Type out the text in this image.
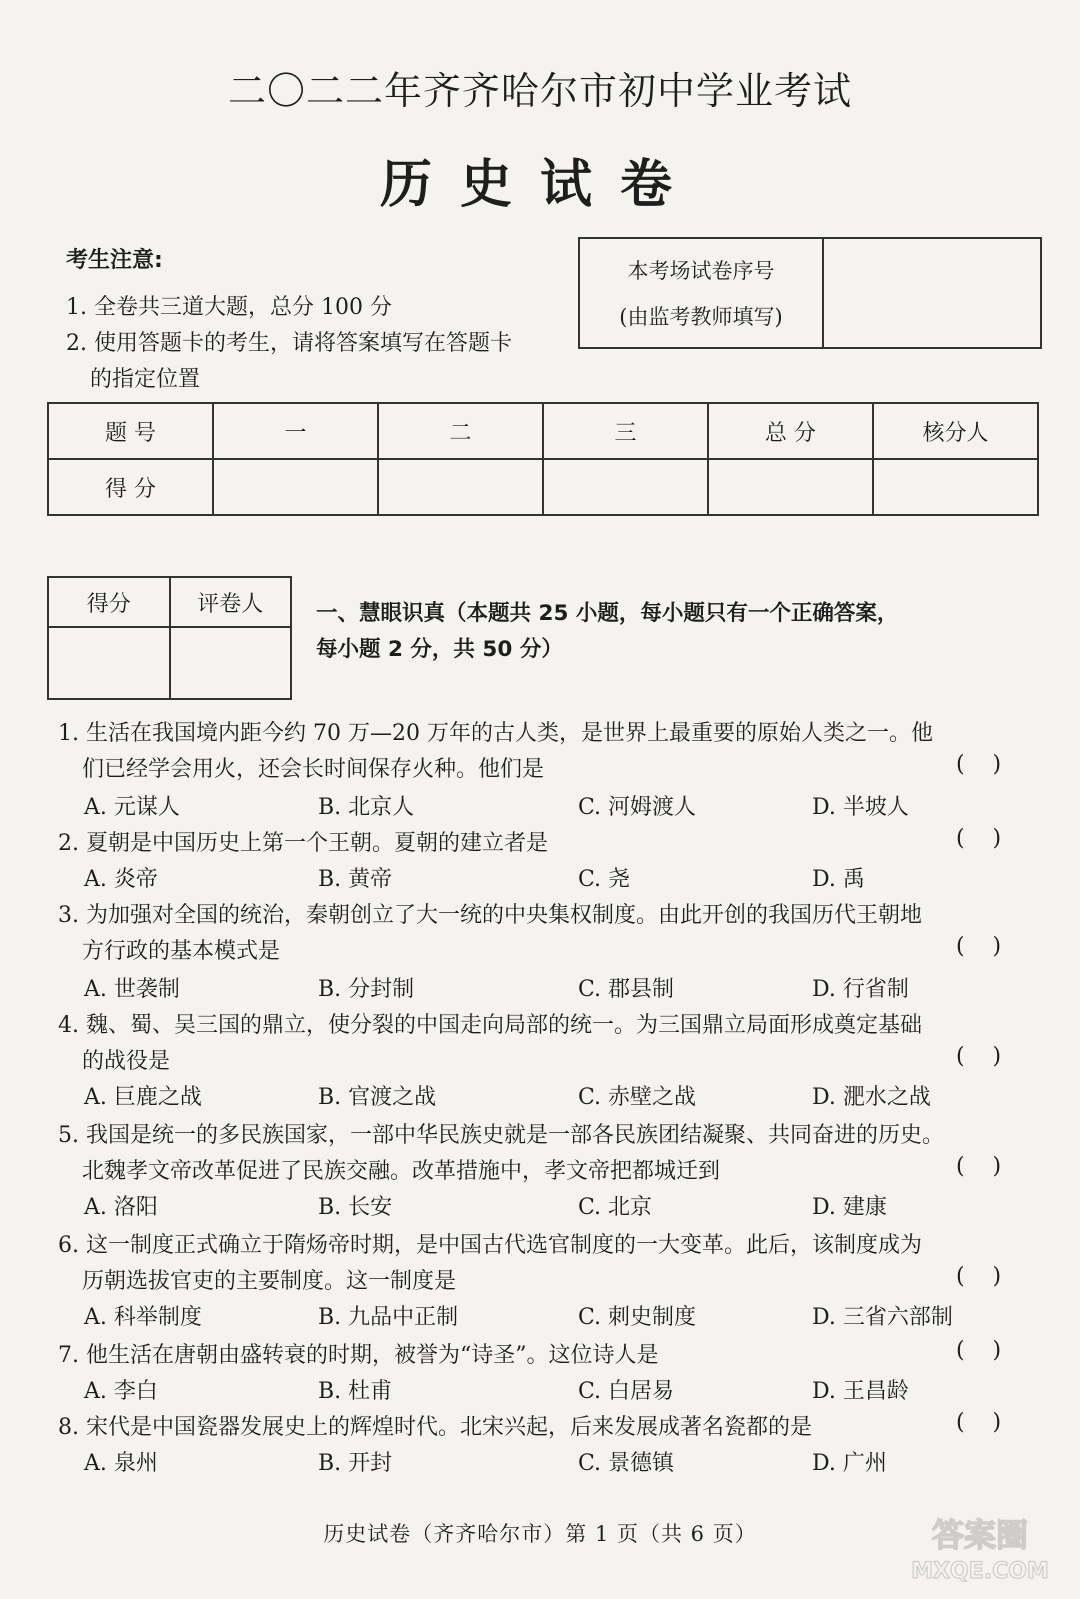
二〇二二年齐齐哈尔市初中学业考试
历史试卷
考生注意:
1. 全卷共三道大题，总分 100 分
2. 使用答题卡的考生，请将答案填写在答题卡
的指定位置
本考场试卷序号
(由监考教师填写)
题 号	一	二	三	总 分	核分人
得 分					
得分	评卷人
	一、慧眼识真（本题共 25 小题，每小题只有一个正确答案，
每小题 2 分，共 50 分）
1. 生活在我国境内距今约 70 万—20 万年的古人类，是世界上最重要的原始人类之一。他
们已经学会用火，还会长时间保存火种。他们是	(    )
A. 元谋人	B. 北京人	C. 河姆渡人	D. 半坡人
2. 夏朝是中国历史上第一个王朝。夏朝的建立者是	(    )
A. 炎帝	B. 黄帝	C. 尧	D. 禹
3. 为加强对全国的统治，秦朝创立了大一统的中央集权制度。由此开创的我国历代王朝地
方行政的基本模式是	(    )
A. 世袭制	B. 分封制	C. 郡县制	D. 行省制
4. 魏、蜀、吴三国的鼎立，使分裂的中国走向局部的统一。为三国鼎立局面形成奠定基础
的战役是	(    )
A. 巨鹿之战	B. 官渡之战	C. 赤壁之战	D. 淝水之战
5. 我国是统一的多民族国家，一部中华民族史就是一部各民族团结凝聚、共同奋进的历史。
北魏孝文帝改革促进了民族交融。改革措施中，孝文帝把都城迁到	(    )
A. 洛阳	B. 长安	C. 北京	D. 建康
6. 这一制度正式确立于隋炀帝时期，是中国古代选官制度的一大变革。此后，该制度成为
历朝选拔官吏的主要制度。这一制度是	(    )
A. 科举制度	B. 九品中正制	C. 刺史制度	D. 三省六部制
7. 他生活在唐朝由盛转衰的时期，被誉为“诗圣”。这位诗人是	(    )
A. 李白	B. 杜甫	C. 白居易	D. 王昌龄
8. 宋代是中国瓷器发展史上的辉煌时代。北宋兴起，后来发展成著名瓷都的是	(    )
A. 泉州	B. 开封	C. 景德镇	D. 广州
历史试卷（齐齐哈尔市）第 1 页（共 6 页）	答案圈
MXQE.COM
